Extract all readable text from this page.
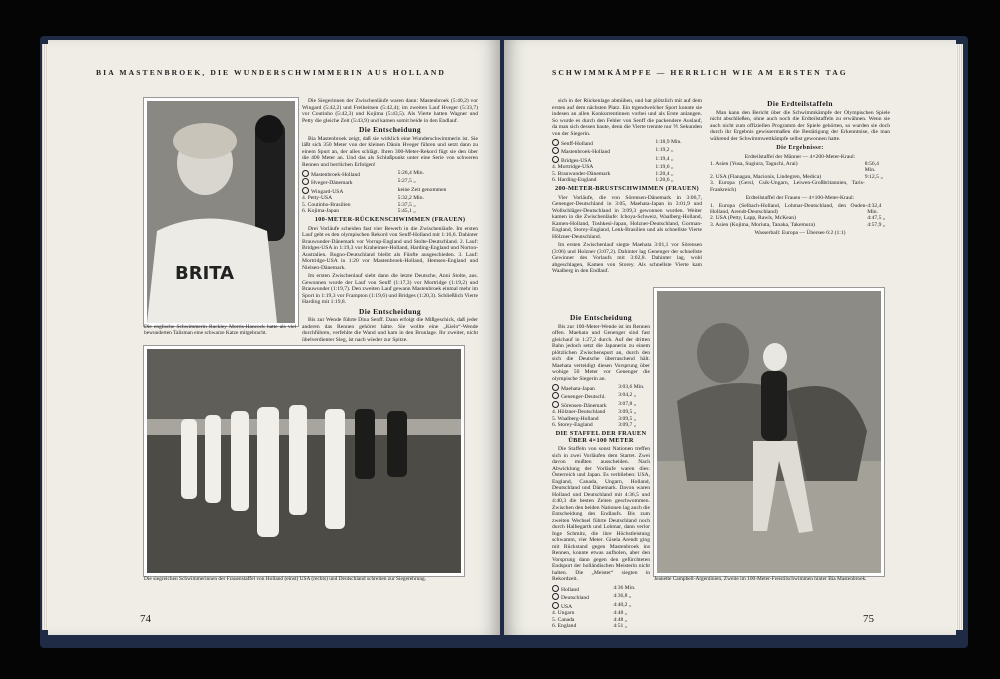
BIA MASTENBROEK, DIE WUNDERSCHWIMMERIN AUS HOLLAND
BRITA
Die englische Schwimmerin Ruckley Morris-Hancock hatte als viel bewunderten Talisman eine schwarze Katze mitgebracht.

Die Siegerinnen der Zwischenläufe waren dann: Mastenbroek (5:40,2) vor Wingard (5:42,2) und Freiheitsen (5:42,4); im zweiten Lauf Hveger (5:33,7) vor Coutinho (5:42,3) und Kojima (5:43,5). Als Vierte hatten Wagner und Petty die gleiche Zeit (5:43,9) und kamen somit beide in den Endlauf.

Die Entscheidung

Bia Mastenbroek zeigt, daß sie wirklich eine Wunderschwimmerin ist. Sie läßt sich 350 Meter von der kleinen Dänin Hveger führen und setzt dann zu einem Spurt an, der alles schlägt. Ihren 300-Meter-Rekord fügt sie den über die 400 Meter an. Und das als Schlußpunkt unter eine Serie von schweren Rennen und herrlichen Erfolgen!

Mastenbroek-Holland	5:26,4 Min.
Hveger-Dänemark	5:27,5 „
Wingard-USA	keine Zeit genommen
4. Petty-USA	5:32,2 Min.
5. Coutinho-Brasilien	5:37,5 „
6. Kojima-Japan	5:45,1 „
100-METER-RÜCKENSCHWIMMEN (FRAUEN)

Drei Vorläufe scheiden fast vier Bewerb in die Zwischenläufe. Im ersten Lauf geht es den olympischen Rekord von Senff-Holland mit 1:16,6. Dahinter Brauwunder-Dänemark vor Vorrup-England und Stolte-Deutschland. 2. Lauf: Bridges-USA in 1:19,3 vor Kraheimer-Holland, Harding-England und Norton-Australien. Bugno-Deutschland bleibt als Fünfte ausgeschieden. 3. Lauf: Mortridge-USA in 1:20 vor Mastenbroek-Holland, Hemsen-England und Nielsen-Dänemark.

Im ersten Zwischenlauf siebt dann die letzte Deutsche, Anni Stolte, aus. Gewonnen wurde der Lauf von Senff (1:17,3) vor Mortridge (1:19,2) und Brauwunder (1:19,7). Den zweiten Lauf gewann Mastenbroek einmal mehr im Sport in 1:19,3 vor Frampton (1:19,6) und Bridges (1:20,3). Schließlich Vierte Harding mit 1:19,8.

Die Entscheidung

Bis zur Wende führte Dina Senff. Dann erfolgt die Mißgeschick, daß jeder anderen das Rennen gehöret hätte. Sie wollte eine „Kielo“-Wende durchführen, verfehlte die Wand und kam in den Brunlage. Ihr zweiter, nicht übelverdienter Sieg, ist nach wieder zur Spitze.

Die siegreichen Schwimmerinnen der Frauenstaffel von Holland (einst) USA (rechts) und Deutschland schreiten zur Siegerehrung.
74
SCHWIMMKÄMPFE — HERRLICH WIE AM ERSTEN TAG

sich in der Rückenlage abmühen, und hat plötzlich mit auf dem ersten auf dem nächsten Platz. Ein trgendwelcher Sport konnte sie indesen an allen Konkurrentinnen vorbei und als Erste anlangen. So wurde es durch den Fehler von Senff die packendere Auslauf, da man sich dessen baute, denn die Vierte trennte nur ⅕ Sekunden von der Siegerin.

Senff-Holland	1:18,9 Min.
Mastenbroek-Holland	1:19,2 „
Bridges-USA	1:19,4 „
4. Mortridge-USA	1:19,6 „
5. Brauwunder-Dänemark	1:20,4 „
6. Harding-England	1:20,6 „
200-METER-BRUSTSCHWIMMEN (FRAUEN)

Vier Vorläufe, die von Sörensen-Dänemark in 3:06,7, Genenger-Deutschland in 3:05, Maehata-Japan in 3:01,9 und Wollschläger-Deutschland in 3:09,3 gewonnen wurden. Weiter kamen in die Zwischenläufe: Ichoya-Schweiz, Waalberg-Holland, Kamen-Holland, Toshkesi-Japan, Holzner-Deutschland, Gorman-England, Storey-England, Lenk-Brasilien und als schnellste Vierte Hölzner-Deutschland.

Im ersten Zwischenlauf siegte Maehata 3:01,1 vor Sörensen (3:06) und Holzner (3:07,2). Dahinter lag Genenger der schnellste Gewinner des Vorlaufs mit 3:02,8. Dahinter lag, wohl abgeschlagen, Kamen von Storey. Als schnellste Vierte kam Waalberg in den Endlauf.

Die Entscheidung

Bis zur 100-Meter-Wende ist im Rennen offen. Maehata und Genenger sind fast gleichauf in 1:27,2 durch. Auf der dritten Bahn jedoch setzt die Japanerin zu einem plötzlichen Zwischenspurt an, durch den sich die Deutsche überraschend hält. Maehata verteidigt diesen Vorsprung über wohige 50 Meter vor Genenger die olympische Siegerin an.

Maehata-Japan	3:03,6 Min.
Genenger-Deutschl.	3:04,2 „
Sörensen-Dänemark	3:07,8 „
4. Hölzner-Deutschland	3:09,5 „
5. Waalberg-Holland	3:09,5 „
6. Storey-England	3:09,7 „
DIE STAFFEL DER FRAUEN ÜBER 4×100 METER

Die Staffeln von sonst Nationen treffen sich in zwei Vorläufen dem Startet. Zwei davon mußten ausscheiden. Nach Abwicklung der Vorläufe waren dies: Österreich und Japan. Es verblieben: USA, England, Canada, Ungarn, Holland, Deutschland und Dänemark. Davon waren Holland und Deutschland mit 4:36,5 und 4:40,3 die besten Zeiten geschwommen. Zwischen den beiden Nationen lag auch die Entscheidung des Endlaufs. Bis zum zweiten Wechsel führte Deutschland noch durch Halbegarth und Lohmar, dann verlor Inge Schmitz, die ihre Höchstleistung schwamm, vier Meter. Gisela Arendt ging mit Rückstand gegen Mastenbroek ins Rennen, konnte etwas aufholen, aber den Vorsprung dann gegen den gefürchteten Endspurt der holländischen Meisterin nicht halten. Die „Meister“ siegten in Rekordzeit.

Holland	4:36 Min.
Deutschland	4:36,8 „
USA	4:40,2 „
4. Ungarn	4:48 „
5. Canada	4:48 „
6. England	4:51 „
Die Erdteilstaffeln

Man kann den Bericht über die Schwimmkämpfe der Olympischen Spiele nicht abschließen, ohne auch noch die Erdteilstaffeln zu erwähnen. Wenn sie auch nicht zum offiziellen Programm der Spiele gehörten, so wurden sie doch durch ihr Ergebnis gewissermaßen die Bestätigung der Erkenntnise, die man während der Schwimmwettkämpfe selbst gewonnen hatte.

Die Ergebnisse:
Erdteilstaffel der Männer — 4×200-Meter-Kraul:
1. Asien (Yusa, Sugiura, Taguchi, Arai)	8:56,4 Min.
2. USA (Flanagan, Macionis, Lindegren, Medica)	9:12,5 „
3. Europa (Gersl, Csik-Ungarn, Leiwen-Großbritannien, Taris-Frankreich)	
Erdteilstaffel der Frauen — 4×100-Meter-Kraul:
1. Europa (Selbach-Holland, Lohmar-Deutschland, den Ouden-Holland, Arendt-Deutschland)	4:32,4 Min.
2. USA (Petty, Lapp, Rawls, McKean)	4:47,5 „
3. Asien (Kojima, Moriuta, Tanaka, Takemura)	4:57,9 „
Wasserball: Europa — Übersee 6:2 (1:1)
Jeanette Campbell-Argentinien, Zweite im 100-Meter-Freistilschwimmen hinter Bia Mastenbroek.
75
